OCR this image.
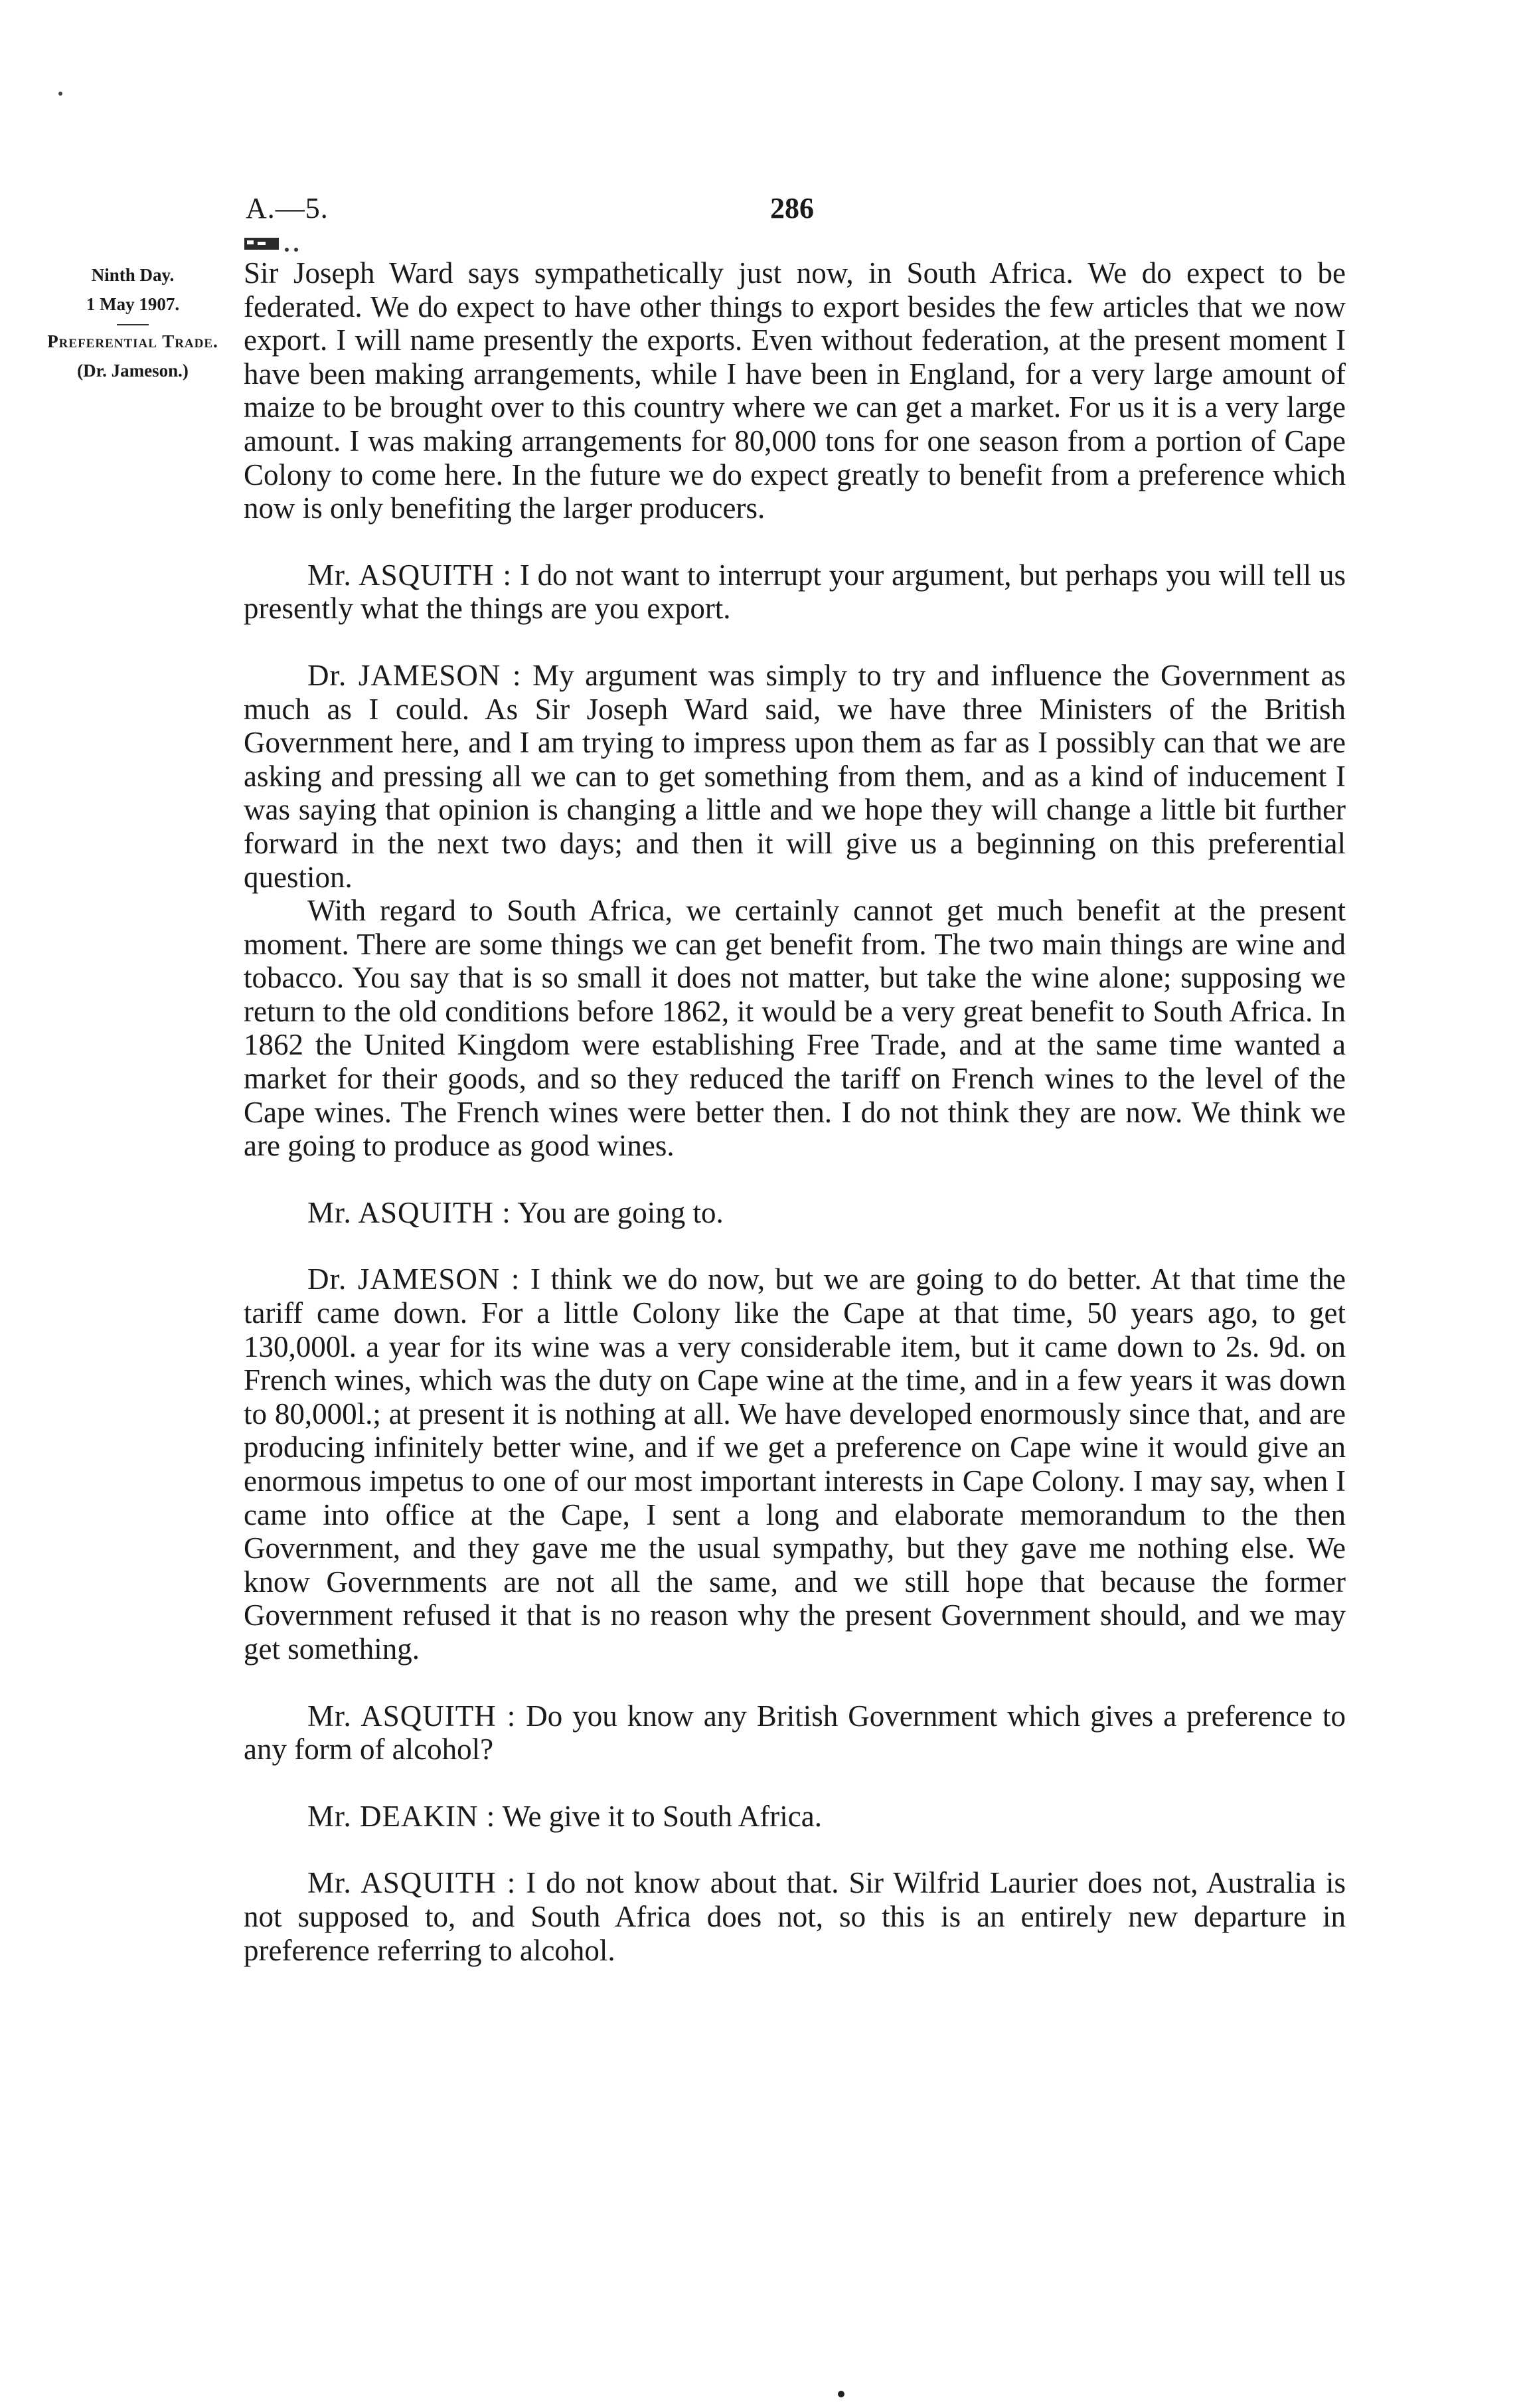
A.—5.	286
Ninth Day.
1 May 1907.
Preferential Trade.
(Dr. Jameson.)

Sir Joseph Ward says sympathetically just now, in South Africa. We do expect to be federated. We do expect to have other things to export besides the few articles that we now export. I will name presently the exports. Even without federation, at the present moment I have been making arrangements, while I have been in England, for a very large amount of maize to be brought over to this country where we can get a market. For us it is a very large amount. I was making arrangements for 80,000 tons for one season from a portion of Cape Colony to come here. In the future we do expect greatly to benefit from a preference which now is only benefiting the larger producers.

Mr. ASQUITH : I do not want to interrupt your argument, but perhaps you will tell us presently what the things are you export.

Dr. JAMESON : My argument was simply to try and influence the Government as much as I could. As Sir Joseph Ward said, we have three Ministers of the British Government here, and I am trying to impress upon them as far as I possibly can that we are asking and pressing all we can to get something from them, and as a kind of inducement I was saying that opinion is changing a little and we hope they will change a little bit further forward in the next two days; and then it will give us a beginning on this preferential question.

With regard to South Africa, we certainly cannot get much benefit at the present moment. There are some things we can get benefit from. The two main things are wine and tobacco. You say that is so small it does not matter, but take the wine alone; supposing we return to the old conditions before 1862, it would be a very great benefit to South Africa. In 1862 the United Kingdom were establishing Free Trade, and at the same time wanted a market for their goods, and so they reduced the tariff on French wines to the level of the Cape wines. The French wines were better then. I do not think they are now. We think we are going to produce as good wines.

Mr. ASQUITH : You are going to.

Dr. JAMESON : I think we do now, but we are going to do better. At that time the tariff came down. For a little Colony like the Cape at that time, 50 years ago, to get 130,000l. a year for its wine was a very considerable item, but it came down to 2s. 9d. on French wines, which was the duty on Cape wine at the time, and in a few years it was down to 80,000l.; at present it is nothing at all. We have developed enormously since that, and are producing infinitely better wine, and if we get a preference on Cape wine it would give an enormous impetus to one of our most important interests in Cape Colony. I may say, when I came into office at the Cape, I sent a long and elaborate memorandum to the then Government, and they gave me the usual sympathy, but they gave me nothing else. We know Governments are not all the same, and we still hope that because the former Government refused it that is no reason why the present Government should, and we may get something.

Mr. ASQUITH : Do you know any British Government which gives a preference to any form of alcohol?

Mr. DEAKIN : We give it to South Africa.

Mr. ASQUITH : I do not know about that. Sir Wilfrid Laurier does not, Australia is not supposed to, and South Africa does not, so this is an entirely new departure in preference referring to alcohol.
